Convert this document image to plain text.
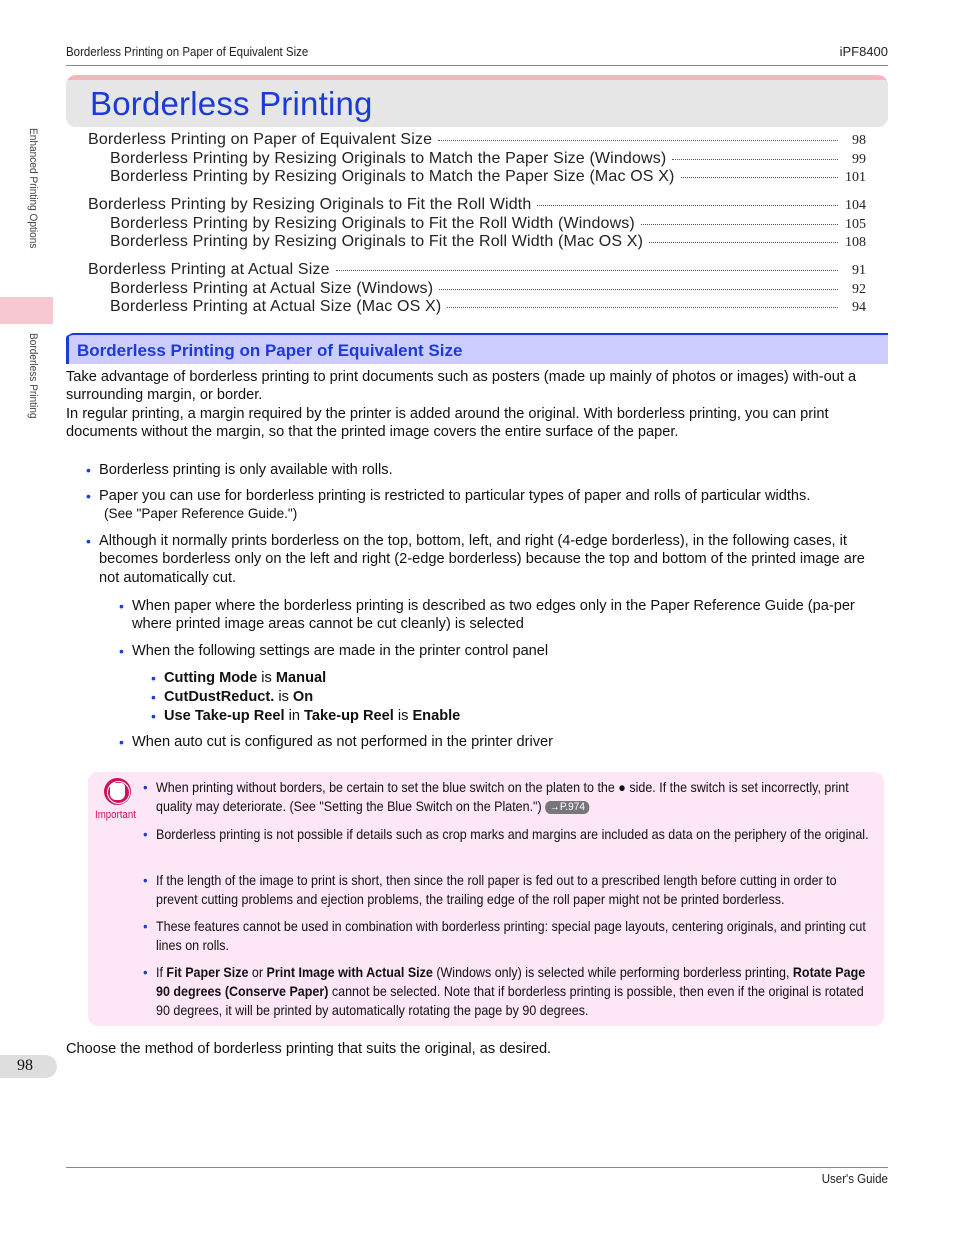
Borderless Printing on Paper of Equivalent Size	iPF8400
Enhanced Printing Options
Borderless Printing
Borderless Printing
Borderless Printing on Paper of Equivalent Size	98
Borderless Printing by Resizing Originals to Match the Paper Size (Windows)	99
Borderless Printing by Resizing Originals to Match the Paper Size (Mac OS X)	101
Borderless Printing by Resizing Originals to Fit the Roll Width	104
Borderless Printing by Resizing Originals to Fit the Roll Width (Windows)	105
Borderless Printing by Resizing Originals to Fit the Roll Width (Mac OS X)	108
Borderless Printing at Actual Size	91
Borderless Printing at Actual Size (Windows)	92
Borderless Printing at Actual Size (Mac OS X)	94
Borderless Printing on Paper of Equivalent Size
Take advantage of borderless printing to print documents such as posters (made up mainly of photos or images) with-out a surrounding margin, or border.
In regular printing, a margin required by the printer is added around the original. With borderless printing, you can print documents without the margin, so that the printed image covers the entire surface of the paper.
• Borderless printing is only available with rolls.
• Paper you can use for borderless printing is restricted to particular types of paper and rolls of particular widths.
(See "Paper Reference Guide.")
• Although it normally prints borderless on the top, bottom, left, and right (4-edge borderless), in the following cases, it becomes borderless only on the left and right (2-edge borderless) because the top and bottom of the printed image are not automatically cut.
• When paper where the borderless printing is described as two edges only in the Paper Reference Guide (pa-per where printed image areas cannot be cut cleanly) is selected
• When the following settings are made in the printer control panel
• Cutting Mode is Manual
• CutDustReduct. is On
• Use Take-up Reel in Take-up Reel is Enable
• When auto cut is configured as not performed in the printer driver
Important
• When printing without borders, be certain to set the blue switch on the platen to the ● side. If the switch is set incorrectly, print quality may deteriorate. (See "Setting the Blue Switch on the Platen.") →P.974
• Borderless printing is not possible if details such as crop marks and margins are included as data on the periphery of the original.
• If the length of the image to print is short, then since the roll paper is fed out to a prescribed length before cutting in order to prevent cutting problems and ejection problems, the trailing edge of the roll paper might not be printed borderless.
• These features cannot be used in combination with borderless printing: special page layouts, centering originals, and printing cut lines on rolls.
• If Fit Paper Size or Print Image with Actual Size (Windows only) is selected while performing borderless printing, Rotate Page 90 degrees (Conserve Paper) cannot be selected. Note that if borderless printing is possible, then even if the original is rotated 90 degrees, it will be printed by automatically rotating the page by 90 degrees.
Choose the method of borderless printing that suits the original, as desired.
98
User's Guide
